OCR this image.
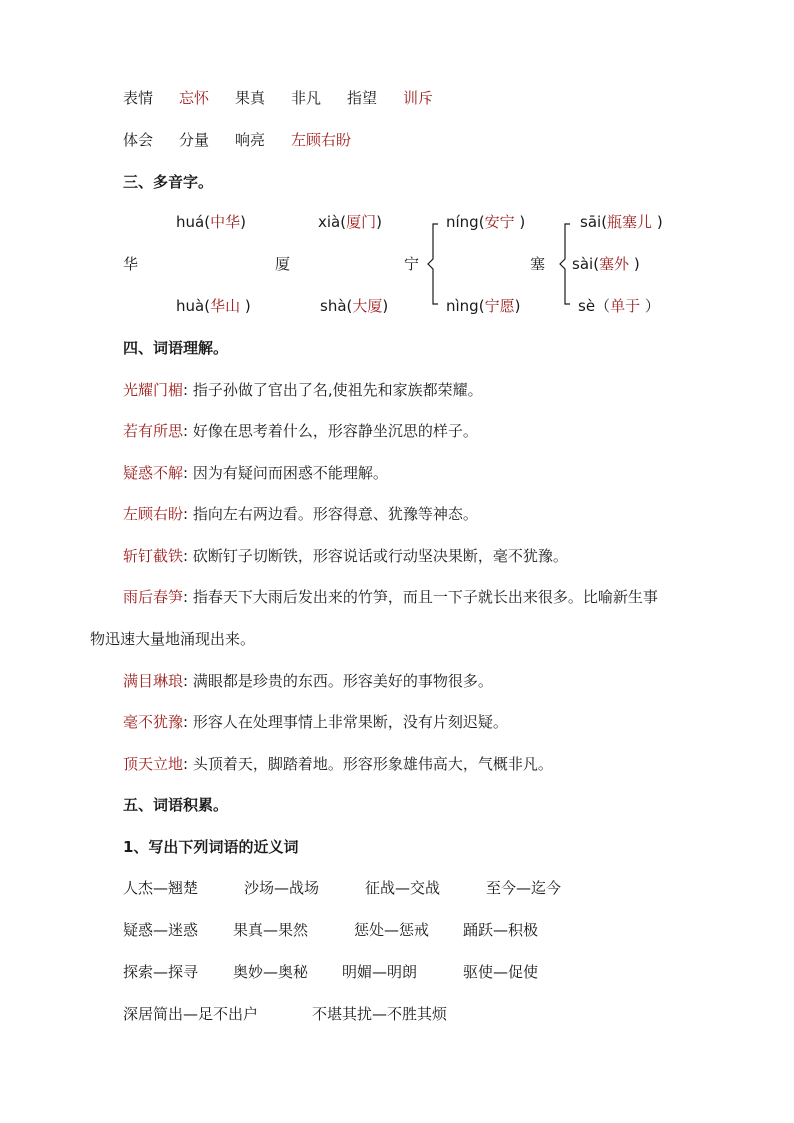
表情 忘怀 果真 非凡 指望 训斥
体会 分量 响亮 左顾右盼
三、多音字。
huá(中华)
华
huà(华山 )
xià(厦门)
厦
shà(大厦)
宁
níng(安宁 )
nìng(宁愿)
塞
sāi(瓶塞儿 )
sài(塞外 )
sè（单于 ）
四、词语理解。
光耀门楣: 指子孙做了官出了名,使祖先和家族都荣耀。
若有所思: 好像在思考着什么，形容静坐沉思的样子。
疑惑不解: 因为有疑问而困惑不能理解。
左顾右盼: 指向左右两边看。形容得意、犹豫等神态。
斩钉截铁: 砍断钉子切断铁，形容说话或行动坚决果断，毫不犹豫。
雨后春笋: 指春天下大雨后发出来的竹笋，而且一下子就长出来很多。比喻新生事
物迅速大量地涌现出来。
满目琳琅: 满眼都是珍贵的东西。形容美好的事物很多。
毫不犹豫: 形容人在处理事情上非常果断，没有片刻迟疑。
顶天立地: 头顶着天，脚踏着地。形容形象雄伟高大，气概非凡。
五、词语积累。
1、写出下列词语的近义词
人杰—翘楚	沙场—战场	征战—交战	至今—迄今
疑惑—迷惑 果真—果然	惩处—惩戒 踊跃—积极
探索—探寻 奥妙—奥秘 明媚—明朗	驱使—促使
深居简出—足不出户	不堪其扰—不胜其烦
